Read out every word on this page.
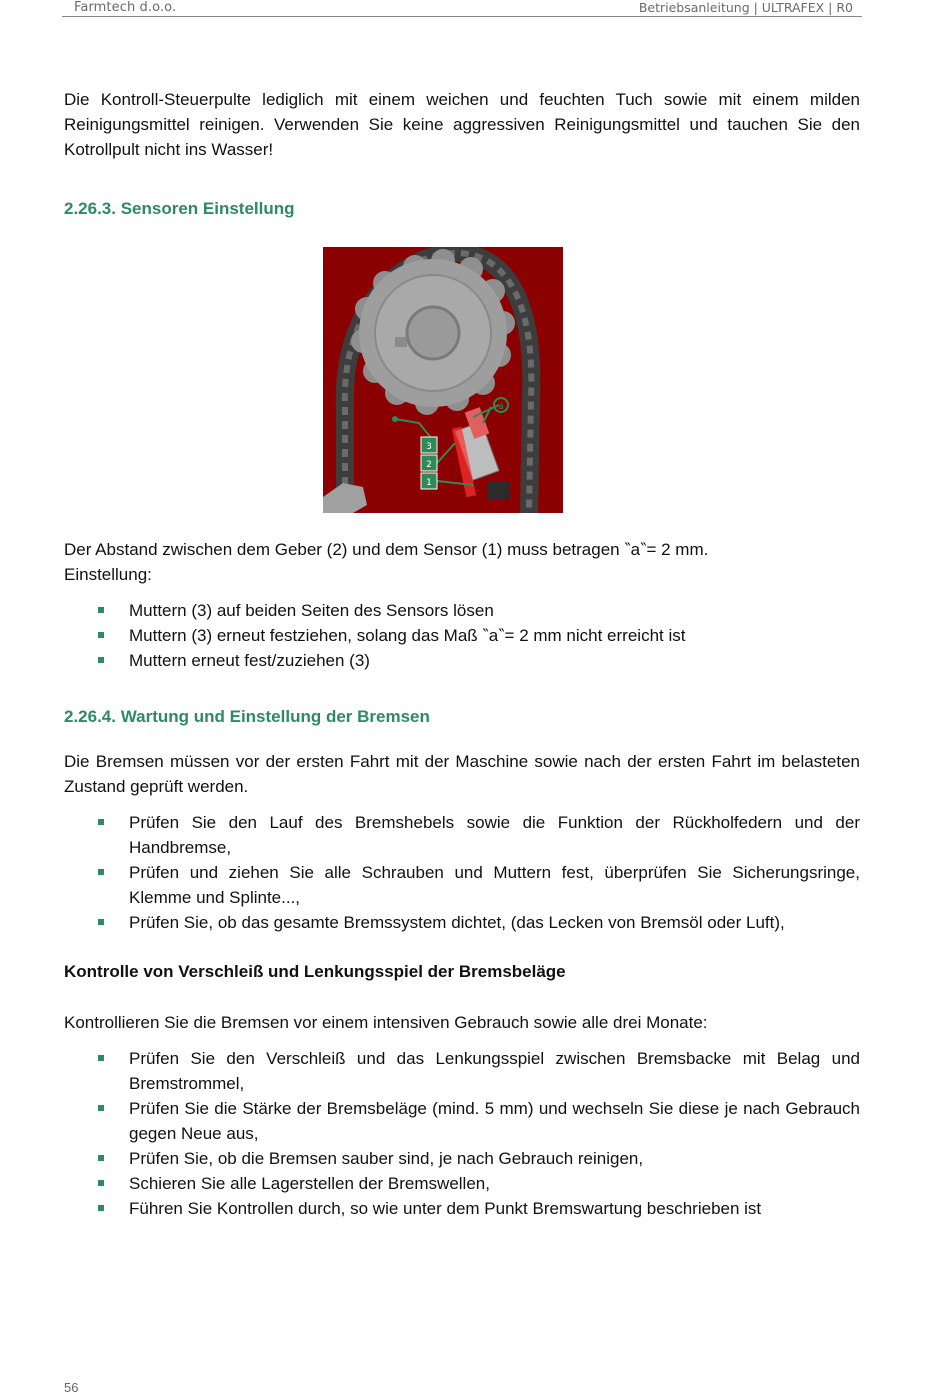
Farmtech d.o.o.	Betriebsanleitung | ULTRAFEX | R0

Die Kontroll-Steuerpulte lediglich mit einem weichen und feuchten Tuch sowie mit einem milden Reinigungsmittel reinigen. Verwenden Sie keine aggressiven Reinigungsmittel und tauchen Sie den Kotrollpult nicht ins Wasser!

2.26.3. Sensoren Einstellung
3
2
1
a

Der Abstand zwischen dem Geber (2) und dem Sensor (1) muss betragen ‶a‶= 2 mm.

Einstellung:

Muttern (3) auf beiden Seiten des Sensors lösen
Muttern (3) erneut festziehen, solang das Maß ‶a‶= 2 mm nicht erreicht ist
Muttern erneut fest/zuziehen (3)
2.26.4. Wartung und Einstellung der Bremsen

Die Bremsen müssen vor der ersten Fahrt mit der Maschine sowie nach der ersten Fahrt im belasteten Zustand geprüft werden.

Prüfen Sie den Lauf des Bremshebels sowie die Funktion der Rückholfedern und der Handbremse,
Prüfen und ziehen Sie alle Schrauben und Muttern fest, überprüfen Sie Sicherungsringe, Klemme und Splinte...,
Prüfen Sie, ob das gesamte Bremssystem dichtet, (das Lecken von Bremsöl oder Luft),
Kontrolle von Verschleiß und Lenkungsspiel der Bremsbeläge

Kontrollieren Sie die Bremsen vor einem intensiven Gebrauch sowie alle drei Monate:

Prüfen Sie den Verschleiß und das Lenkungsspiel zwischen Bremsbacke mit Belag und Bremstrommel,
Prüfen Sie die Stärke der Bremsbeläge (mind. 5 mm) und wechseln Sie diese je nach Gebrauch gegen Neue aus,
Prüfen Sie, ob die Bremsen sauber sind, je nach Gebrauch reinigen,
Schieren Sie alle Lagerstellen der Bremswellen,
Führen Sie Kontrollen durch, so wie unter dem Punkt Bremswartung beschrieben ist
56
